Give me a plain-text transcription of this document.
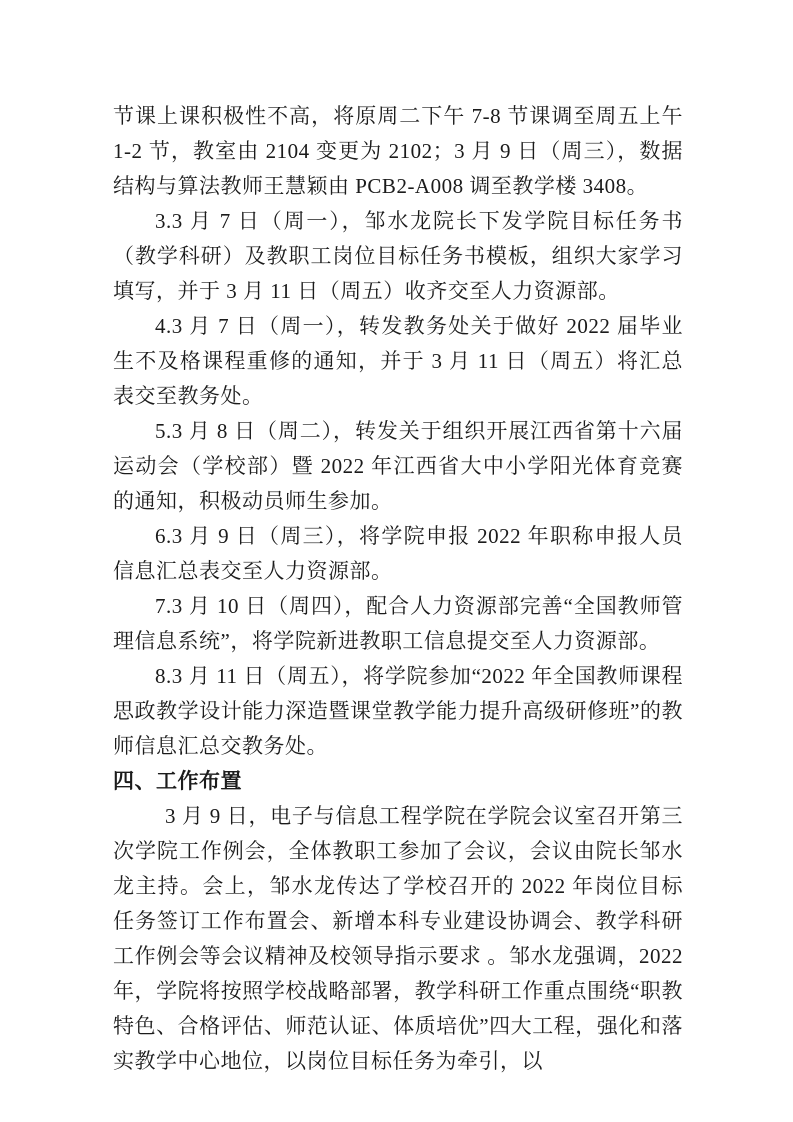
节课上课积极性不高，将原周二下午 7-8 节课调至周五上午 1-2 节，教室由 2104 变更为 2102；3 月 9 日（周三），数据结构与算法教师王慧颖由 PCB2-A008 调至教学楼 3408。

3.3 月 7 日（周一），邹水龙院长下发学院目标任务书（教学科研）及教职工岗位目标任务书模板，组织大家学习填写，并于 3 月 11 日（周五）收齐交至人力资源部。

4.3 月 7 日（周一），转发教务处关于做好 2022 届毕业生不及格课程重修的通知，并于 3 月 11 日（周五）将汇总表交至教务处。

5.3 月 8 日（周二），转发关于组织开展江西省第十六届运动会（学校部）暨 2022 年江西省大中小学阳光体育竞赛的通知，积极动员师生参加。

6.3 月 9 日（周三），将学院申报 2022 年职称申报人员信息汇总表交至人力资源部。

7.3 月 10 日（周四），配合人力资源部完善“全国教师管理信息系统”，将学院新进教职工信息提交至人力资源部。

8.3 月 11 日（周五），将学院参加“2022 年全国教师课程思政教学设计能力深造暨课堂教学能力提升高级研修班”的教师信息汇总交教务处。

四、工作布置

3 月 9 日，电子与信息工程学院在学院会议室召开第三次学院工作例会，全体教职工参加了会议，会议由院长邹水龙主持。会上，邹水龙传达了学校召开的 2022 年岗位目标任务签订工作布置会、新增本科专业建设协调会、教学科研工作例会等会议精神及校领导指示要求 。邹水龙强调，2022 年，学院将按照学校战略部署，教学科研工作重点围绕“职教特色、合格评估、师范认证、体质培优”四大工程，强化和落实教学中心地位，以岗位目标任务为牵引，以
